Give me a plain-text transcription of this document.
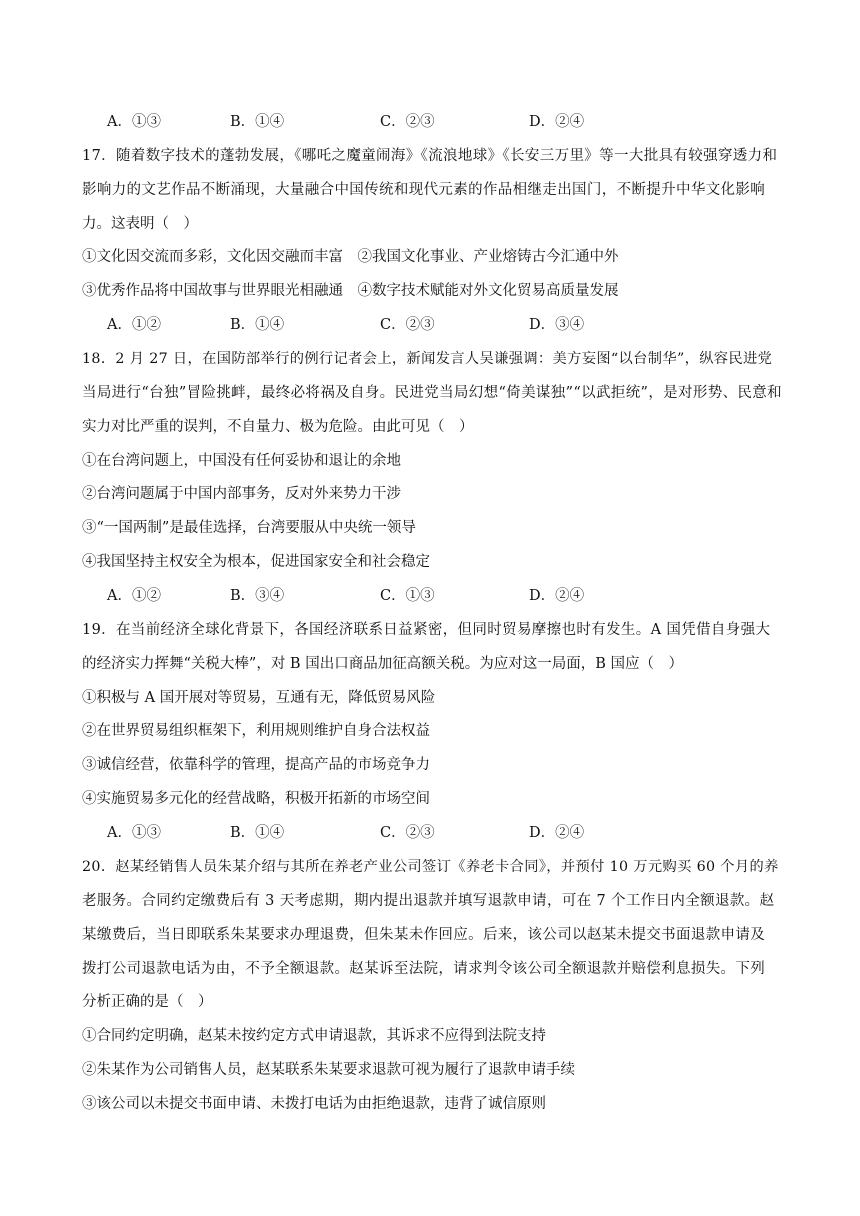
A．①③	B．①④	C．②③	D．②④
17．随着数字技术的蓬勃发展，《哪吒之魔童闹海》《流浪地球》《长安三万里》等一大批具有较强穿透力和
影响力的文艺作品不断涌现，大量融合中国传统和现代元素的作品相继走出国门，不断提升中华文化影响
力。这表明（　）
①文化因交流而多彩，文化因交融而丰富　②我国文化事业、产业熔铸古今汇通中外
③优秀作品将中国故事与世界眼光相融通　④数字技术赋能对外文化贸易高质量发展
A．①②	B．①④	C．②③	D．③④
18．2 月 27 日，在国防部举行的例行记者会上，新闻发言人吴谦强调：美方妄图“以台制华”，纵容民进党
当局进行“台独”冒险挑衅，最终必将祸及自身。民进党当局幻想“倚美谋独”“以武拒统”，是对形势、民意和
实力对比严重的误判，不自量力、极为危险。由此可见（　）
①在台湾问题上，中国没有任何妥协和退让的余地
②台湾问题属于中国内部事务，反对外来势力干涉
③“一国两制”是最佳选择，台湾要服从中央统一领导
④我国坚持主权安全为根本，促进国家安全和社会稳定
A．①②	B．③④	C．①③	D．②④
19．在当前经济全球化背景下，各国经济联系日益紧密，但同时贸易摩擦也时有发生。A 国凭借自身强大
的经济实力挥舞“关税大棒”，对 B 国出口商品加征高额关税。为应对这一局面，B 国应（　）
①积极与 A 国开展对等贸易，互通有无，降低贸易风险
②在世界贸易组织框架下，利用规则维护自身合法权益
③诚信经营，依靠科学的管理，提高产品的市场竞争力
④实施贸易多元化的经营战略，积极开拓新的市场空间
A．①③	B．①④	C．②③	D．②④
20．赵某经销售人员朱某介绍与其所在养老产业公司签订《养老卡合同》，并预付 10 万元购买 60 个月的养
老服务。合同约定缴费后有 3 天考虑期，期内提出退款并填写退款申请，可在 7 个工作日内全额退款。赵
某缴费后，当日即联系朱某要求办理退费，但朱某未作回应。后来，该公司以赵某未提交书面退款申请及
拨打公司退款电话为由，不予全额退款。赵某诉至法院，请求判令该公司全额退款并赔偿利息损失。下列
分析正确的是（　）
①合同约定明确，赵某未按约定方式申请退款，其诉求不应得到法院支持
②朱某作为公司销售人员，赵某联系朱某要求退款可视为履行了退款申请手续
③该公司以未提交书面申请、未拨打电话为由拒绝退款，违背了诚信原则
